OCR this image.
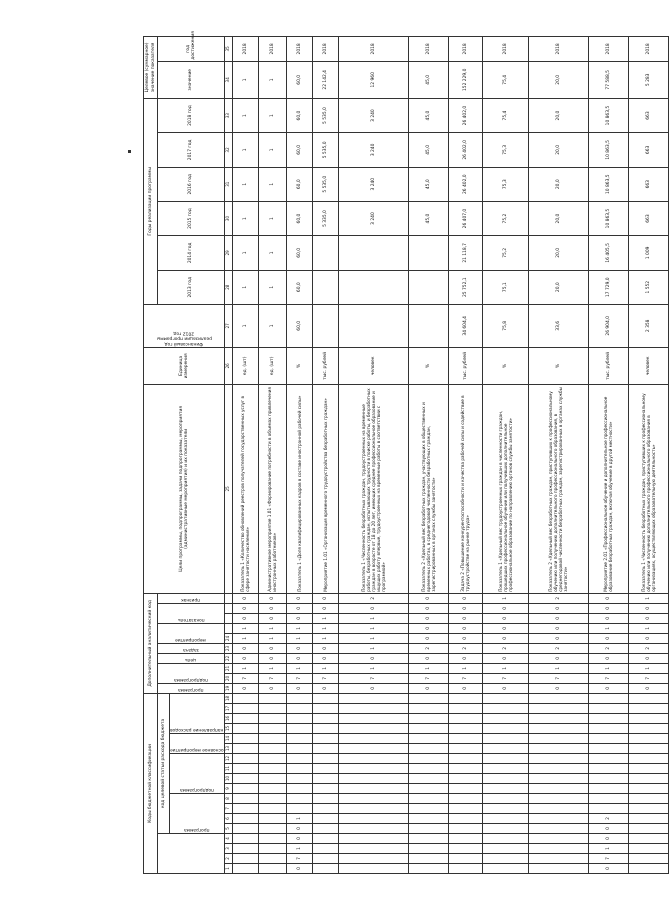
Коды бюджетной классификации																		Дополнительный аналитический код										Цели программы, подпрограммы, задачи подпрограммы, мероприятия (административные мероприятия) и их показатели	Единица измерения	Финансовый год реализации программы 2012 год	Годы реализации программы						Целевое (суммарное) значение показателя	
				код целевой статьи расхода бюджета														программа	подпрограмма		цель	задача	мероприятие		показатель		признак				2013 год	2014 год	2015 год	2016 год	2017 год	2018 год	значение	год достижения

				программа				подпрограмма				основное мероприятие		направление расходов																								

1	2	3	4	5	6	7	8	9	10	11	12	13	14	15	16	17	18	19	20	21	22	23	24					25	26	27	28	29	30	31	32	33	34	35
																		0	7	1	0	0	1	1	0	0	0	Показатель 1 «Количество обновлений реестров получателей государственных услуг в сфере занятости населения»	ед. (шт)	1	1	1	1	1	1	1	1	2018
																		0	7	1	0	0	1	1	0	0	0	Административное мероприятие 1.01 «Формирование потребности в объемах привлечения иностранных работников»	ед. (шт)	1	1	1	1	1	1	1	1	2018
0	7	1	0	0	1													0	7	1	0	0	1	1	0	0	0	Показатель 1 «Доля квалифицированных кадров в составе иностранной рабочей силы»	%	60,0	60,0	60,0	60,0	60,0	60,0	60,0	60,0	2018
																		0	7	1	0	0	1	1	1	0	0	Мероприятие 1.01 «Организация временного трудоустройства безработных граждан»	тыс. рублей				5 335,0	5 535,0	5 535,0	5 535,0	22 142,4	2018
																		0	7	1	0	1	1	1	1	0	2	Показатель 1 «Численность безработных граждан, трудоустроенных на временные работы, безработных граждан, испытывающих трудности в поиске работы, и безработных граждан в возрасте от 18 до 20 лет, имеющих среднее профессиональное образование и ищущих работу впервые, трудоустроенных на временные работы в соответствии с программой»	человек				3 240	3 240	3 240	3 240	12 960	2018
																		0	7	1	0	2	0	0	0	0	0	Показатель 2 «Удельный вес безработных граждан, участвующих в общественных и временных работах, в среднегодовой численности безработных граждан, зарегистрированных в органах службы занятости»	%				45,0	45,0	45,0	45,0	45,0	2018
																		0	7	1	0	2	0	0	0	0	0	Задача 2 «Повышение конкурентоспособности и качества рабочей силы и содействие в трудоустройстве на рынке труда»	тыс. рублей	34 604,4	25 752,1	21 118,7	26 407,0	26 402,0	26 402,0	26 402,0	152 229,0	2018
																		0	7	1	0	2	0	0	0	0	1	Показатель 1 «Удельный вес трудоустроенных граждан в численности граждан, прошедших профессиональное обучение или получивших дополнительное профессиональное образование по направлению органов службы занятости»	%	75,8	75,1	75,2	75,2	75,3	75,3	75,4	75,4	2018
																		0	7	1	0	2	0	0	0	0	2	Показатель 2 «Удельный вес безработных граждан, приступивших к профессиональному обучению или получению дополнительного профессионального образования, в среднегодовой численности безработных граждан, зарегистрированных в органах службы занятости»	%	33,6	20,0	20,0	20,0	20,0	20,0	20,0	20,0	2018
0	7	1	0	0	2													0	7	1	0	2	0	1	0	0	0	Мероприятие 2.01 «Профессиональное обучение и дополнительное профессиональное образование безработных граждан, включая обучение в другой местности»	тыс. рублей	26 904,0	17 729,0	16 405,5	10 863,5	10 863,5	10 863,5	10 863,5	77 588,5	2018
																		0	7	1	0	2	0	1	0	0	1	Показатель 1 «Численность безработных граждан, приступивших к профессиональному обучению или получению дополнительного профессионального образования в организациях, осуществляющих образовательную деятельность»	человек	2 358	1 552	1 009	663	663	663	663	5 283	2018
